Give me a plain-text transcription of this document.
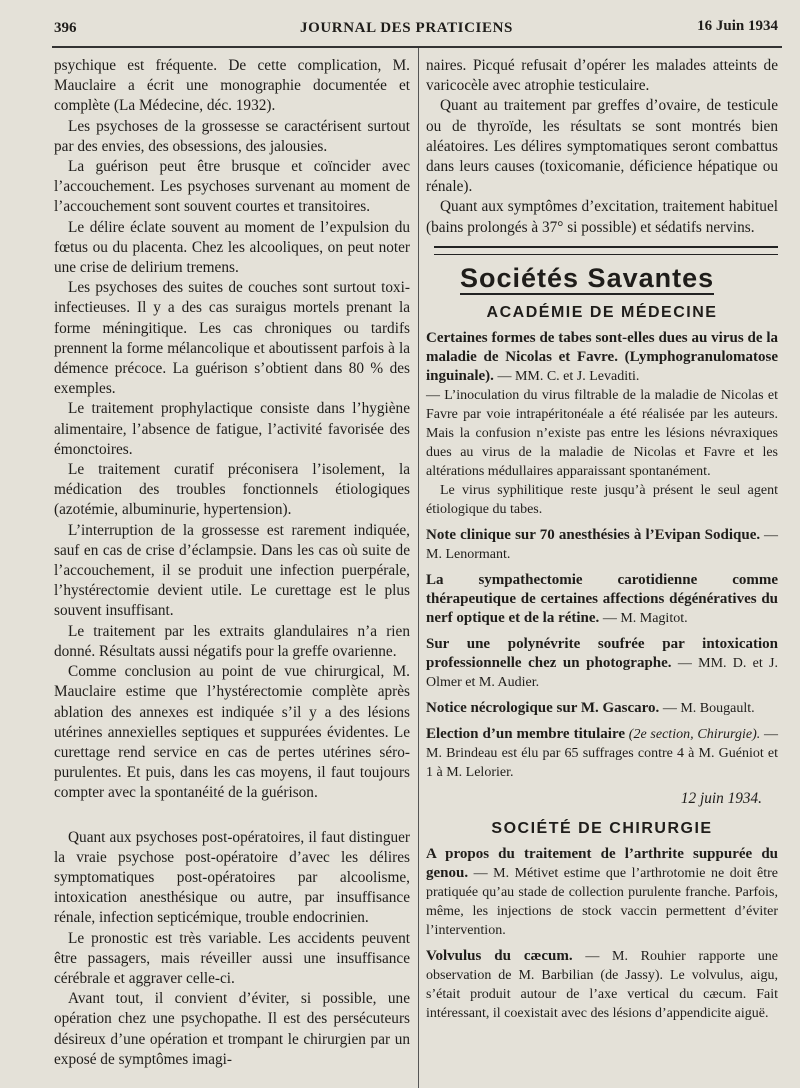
396	JOURNAL DES PRATICIENS	16 Juin 1934

psychique est fréquente. De cette complication, M. Mauclaire a écrit une monographie documentée et complète (La Médecine, déc. 1932).

Les psychoses de la grossesse se caractérisent surtout par des envies, des obsessions, des jalousies.

La guérison peut être brusque et coïncider avec l’accouchement. Les psychoses survenant au moment de l’accouchement sont souvent courtes et transitoires.

Le délire éclate souvent au moment de l’expulsion du fœtus ou du placenta. Chez les alcooliques, on peut noter une crise de delirium tremens.

Les psychoses des suites de couches sont surtout toxi-infectieuses. Il y a des cas suraigus mortels prenant la forme méningitique. Les cas chroniques ou tardifs prennent la forme mélancolique et aboutissent parfois à la démence précoce. La guérison s’obtient dans 80 % des exemples.

Le traitement prophylactique consiste dans l’hygiène alimentaire, l’absence de fatigue, l’activité favorisée des émonctoires.

Le traitement curatif préconisera l’isolement, la médication des troubles fonctionnels étiologiques (azotémie, albuminurie, hypertension).

L’interruption de la grossesse est rarement indiquée, sauf en cas de crise d’éclampsie. Dans les cas où suite de l’accouchement, il se produit une infection puerpérale, l’hystérectomie devient utile. Le curettage est le plus souvent insuffisant.

Le traitement par les extraits glandulaires n’a rien donné. Résultats aussi négatifs pour la greffe ovarienne.

Comme conclusion au point de vue chirurgical, M. Mauclaire estime que l’hystérectomie complète après ablation des annexes est indiquée s’il y a des lésions utérines annexielles septiques et suppurées évidentes. Le curettage rend service en cas de pertes utérines séro-purulentes. Et puis, dans les cas moyens, il faut toujours compter avec la spontanéité de la guérison.

Quant aux psychoses post-opératoires, il faut distinguer la vraie psychose post-opératoire d’avec les délires symptomatiques post-opératoires par alcoolisme, intoxication anesthésique ou autre, par insuffisance rénale, infection septicémique, trouble endocrinien.

Le pronostic est très variable. Les accidents peuvent être passagers, mais réveiller aussi une insuffisance cérébrale et aggraver celle-ci.

Avant tout, il convient d’éviter, si possible, une opération chez une psychopathe. Il est des persécuteurs désireux d’une opération et trompant le chirurgien par un exposé de symptômes imagi-

naires. Picqué refusait d’opérer les malades atteints de varicocèle avec atrophie testiculaire.

Quant au traitement par greffes d’ovaire, de testicule ou de thyroïde, les résultats se sont montrés bien aléatoires. Les délires symptomatiques seront combattus dans leurs causes (toxicomanie, déficience hépatique ou rénale).

Quant aux symptômes d’excitation, traitement habituel (bains prolongés à 37° si possible) et sédatifs nervins.

Sociétés Savantes
ACADÉMIE DE MÉDECINE
Certaines formes de tabes sont-elles dues au virus de la maladie de Nicolas et Favre. (Lymphogranulomatose inguinale). — MM. C. et J. Levaditi.

— L’inoculation du virus filtrable de la maladie de Nicolas et Favre par voie intrapéritonéale a été réalisée par les auteurs. Mais la confusion n’existe pas entre les lésions névraxiques dues au virus de la maladie de Nicolas et Favre et les altérations médullaires apparaissant spontanément.

Le virus syphilitique reste jusqu’à présent le seul agent étiologique du tabes.

Note clinique sur 70 anesthésies à l’Evipan Sodique. — M. Lenormant.
La sympathectomie carotidienne comme thérapeutique de certaines affections dégénératives du nerf optique et de la rétine. — M. Magitot.
Sur une polynévrite soufrée par intoxication professionnelle chez un photographe. — MM. D. et J. Olmer et M. Audier.
Notice nécrologique sur M. Gascaro. — M. Bougault.
Election d’un membre titulaire (2e section, Chirurgie). — M. Brindeau est élu par 65 suffrages contre 4 à M. Guéniot et 1 à M. Lelorier.
12 juin 1934.
SOCIÉTÉ DE CHIRURGIE
A propos du traitement de l’arthrite suppurée du genou. — M. Métivet estime que l’arthrotomie ne doit être pratiquée qu’au stade de collection purulente franche. Parfois, même, les injections de stock vaccin permettent d’éviter l’intervention.
Volvulus du cæcum. — M. Rouhier rapporte une observation de M. Barbilian (de Jassy). Le volvulus, aigu, s’était produit autour de l’axe vertical du cæcum. Fait intéressant, il coexistait avec des lésions d’appendicite aiguë.
